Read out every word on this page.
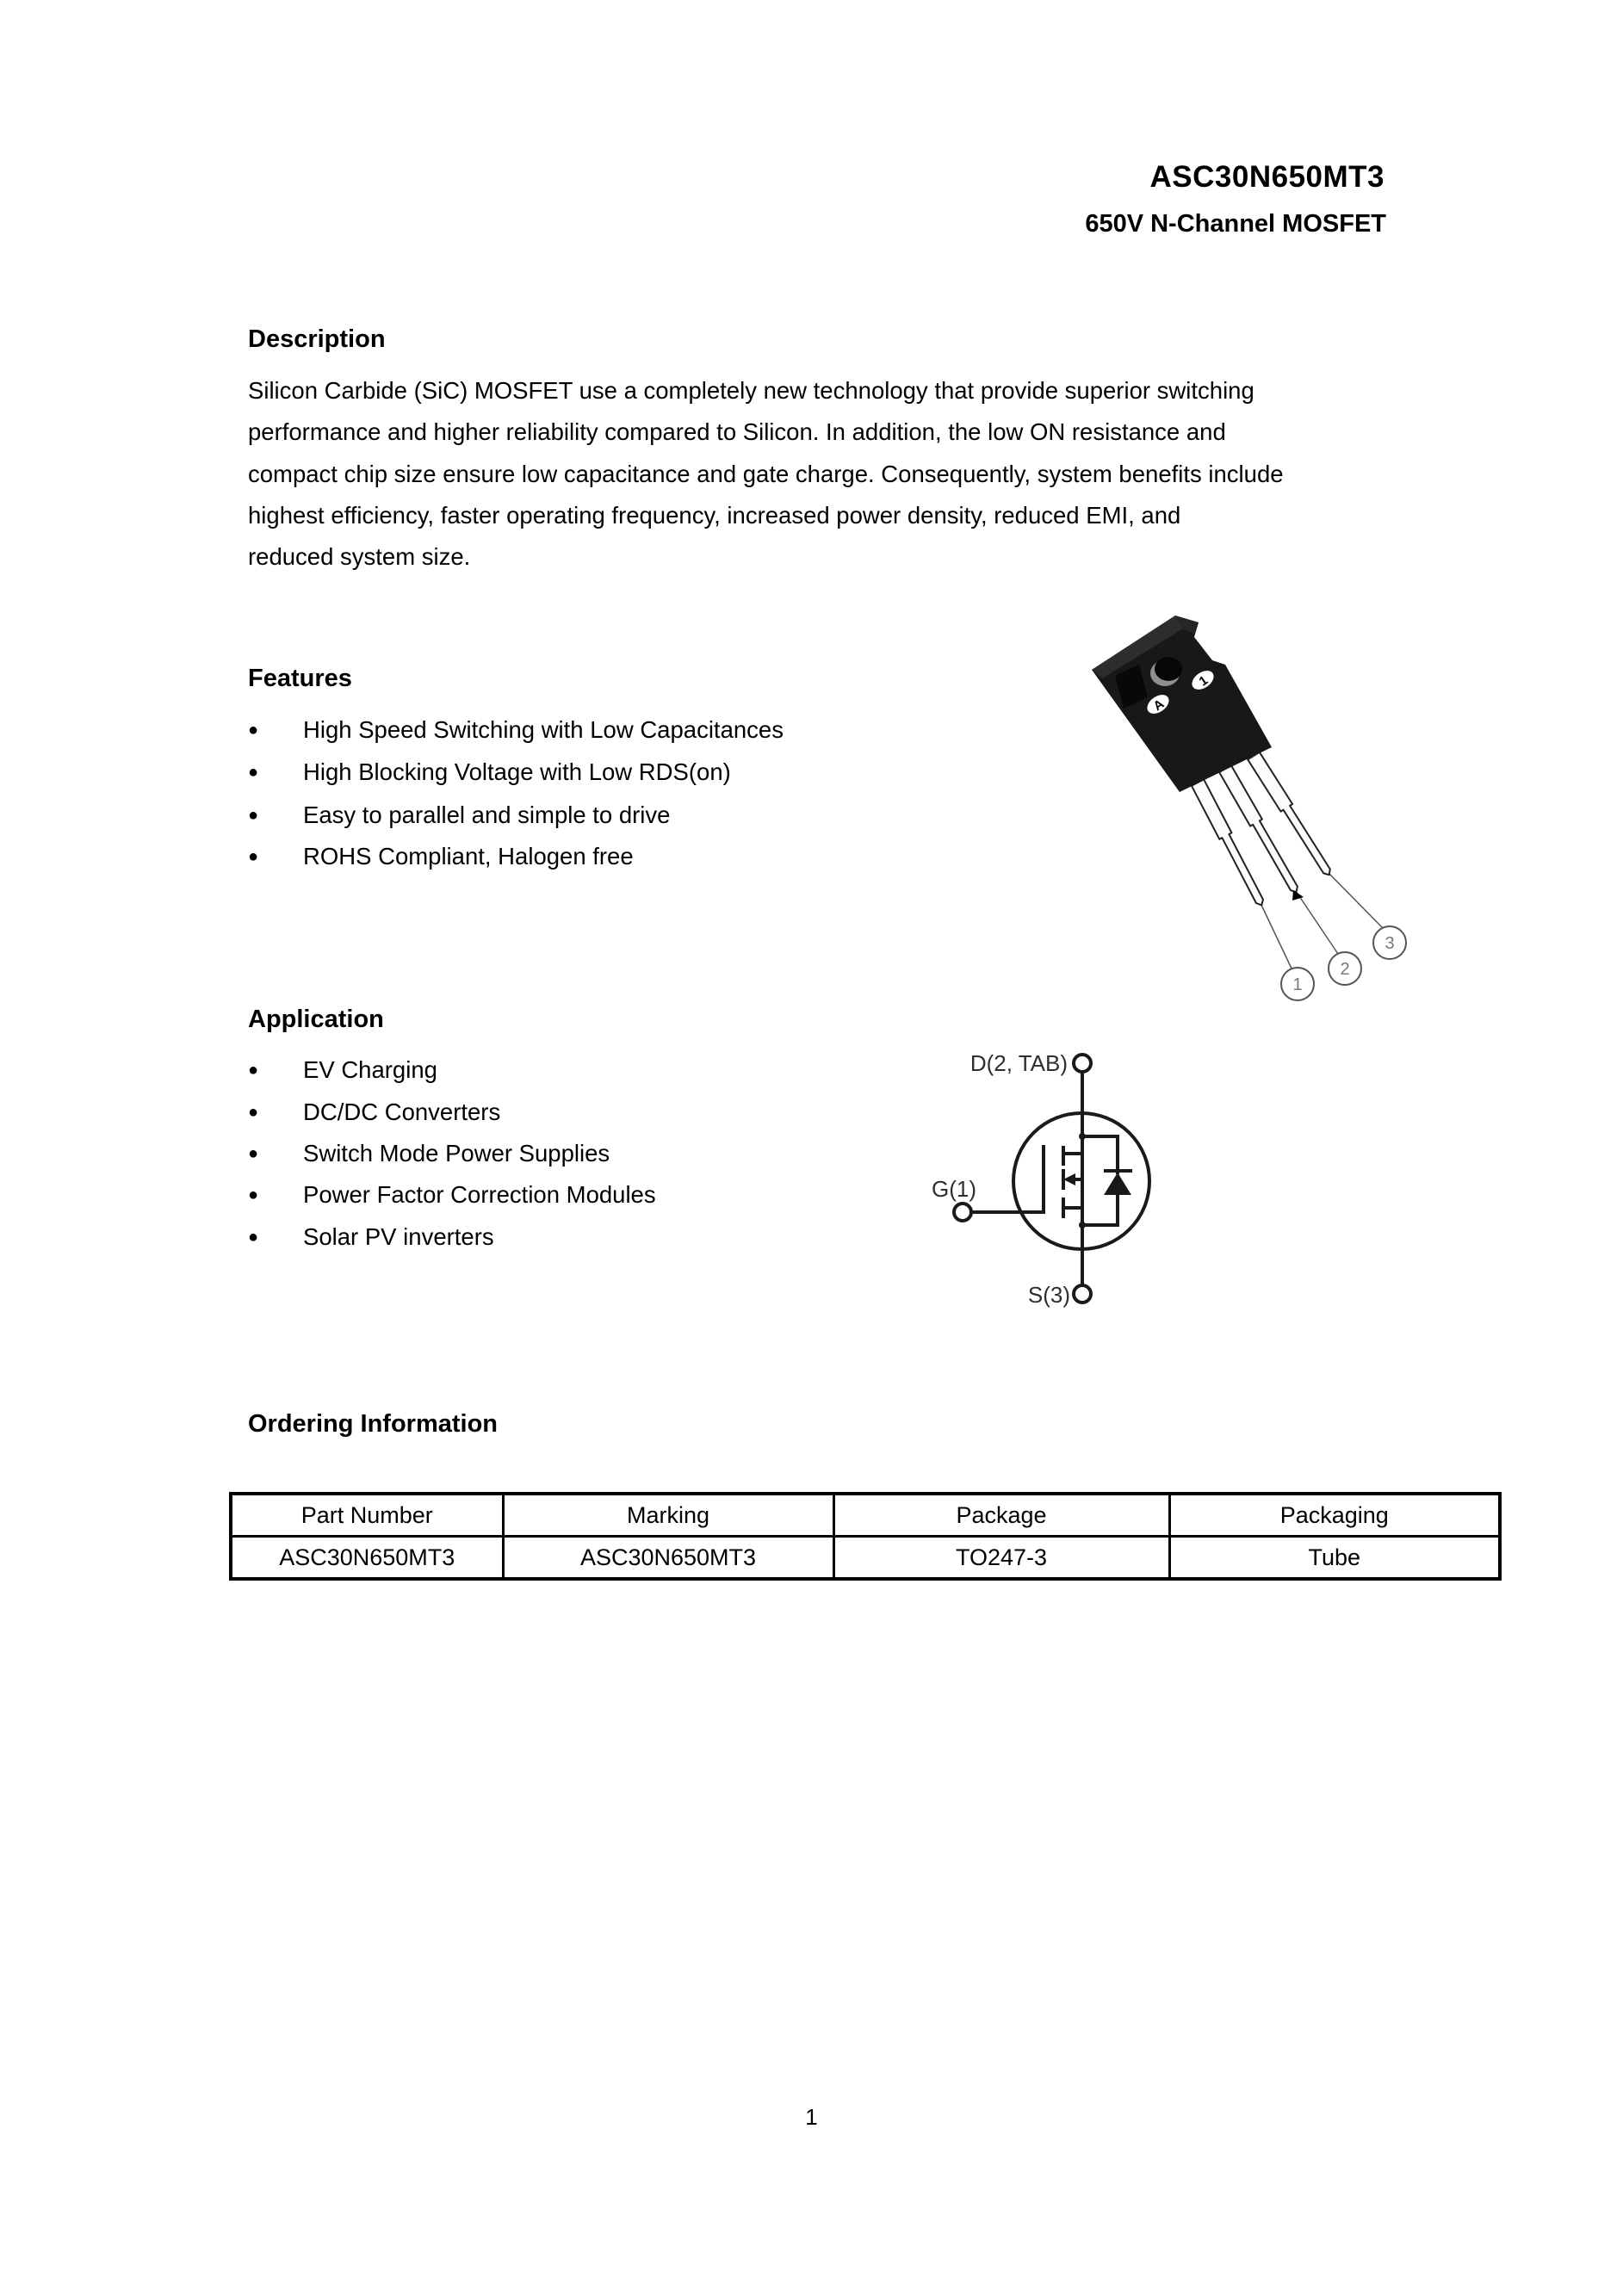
ASC30N650MT3
650V N-Channel MOSFET
Description
Silicon Carbide (SiC) MOSFET use a completely new technology that provide superior switching
performance and higher reliability compared to Silicon. In addition, the low ON resistance and
compact chip size ensure low capacitance and gate charge. Consequently, system benefits include
highest efficiency, faster operating frequency, increased power density, reduced EMI, and
reduced system size.
Features
●	High Speed Switching with Low Capacitances
●	High Blocking Voltage with Low RDS(on)
●	Easy to parallel and simple to drive
●	ROHS Compliant, Halogen free
1
A
1
2
3
Application
●	EV Charging
●	DC/DC Converters
●	Switch Mode Power Supplies
●	Power Factor Correction Modules
●	Solar PV inverters
D(2, TAB)
G(1)
S(3)
Ordering Information
Part Number	Marking	Package	Packaging
ASC30N650MT3	ASC30N650MT3	TO247-3	Tube
1
